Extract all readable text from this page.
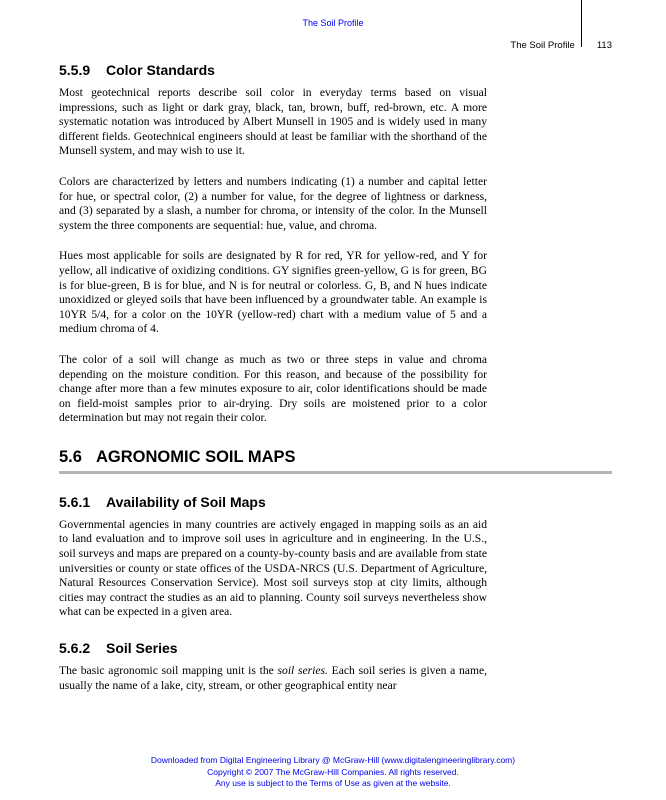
The Soil Profile
The Soil Profile 113
5.5.9 Color Standards

Most geotechnical reports describe soil color in everyday terms based on visual impressions, such as light or dark gray, black, tan, brown, buff, red-brown, etc. A more systematic notation was introduced by Albert Munsell in 1905 and is widely used in many different fields. Geotechnical engineers should at least be familiar with the shorthand of the Munsell system, and may wish to use it.

Colors are characterized by letters and numbers indicating (1) a number and capital letter for hue, or spectral color, (2) a number for value, for the degree of lightness or darkness, and (3) separated by a slash, a number for chroma, or intensity of the color. In the Munsell system the three components are sequential: hue, value, and chroma.

Hues most applicable for soils are designated by R for red, YR for yellow-red, and Y for yellow, all indicative of oxidizing conditions. GY signifies green-yellow, G is for green, BG is for blue-green, B is for blue, and N is for neutral or colorless. G, B, and N hues indicate unoxidized or gleyed soils that have been influenced by a groundwater table. An example is 10YR 5/4, for a color on the 10YR (yellow-red) chart with a medium value of 5 and a medium chroma of 4.

The color of a soil will change as much as two or three steps in value and chroma depending on the moisture condition. For this reason, and because of the possibility for change after more than a few minutes exposure to air, color identifications should be made on field-moist samples prior to air-drying. Dry soils are moistened prior to a color determination but may not regain their color.

5.6 AGRONOMIC SOIL MAPS
5.6.1 Availability of Soil Maps

Governmental agencies in many countries are actively engaged in mapping soils as an aid to land evaluation and to improve soil uses in agriculture and in engineering. In the U.S., soil surveys and maps are prepared on a county-by-county basis and are available from state universities or county or state offices of the USDA-NRCS (U.S. Department of Agriculture, Natural Resources Conservation Service). Most soil surveys stop at city limits, although cities may contract the studies as an aid to planning. County soil surveys nevertheless show what can be expected in a given area.

5.6.2 Soil Series

The basic agronomic soil mapping unit is the soil series. Each soil series is given a name, usually the name of a lake, city, stream, or other geographical entity near

Downloaded from Digital Engineering Library @ McGraw-Hill (www.digitalengineeringlibrary.com)
Copyright © 2007 The McGraw-Hill Companies. All rights reserved.
Any use is subject to the Terms of Use as given at the website.
